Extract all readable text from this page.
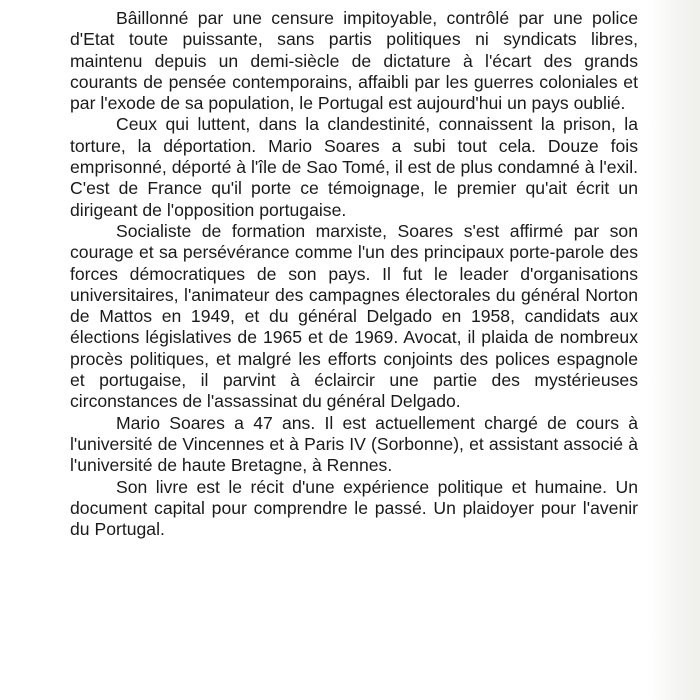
Bâillonné par une censure impitoyable, contrôlé par une police d'Etat toute puissante, sans partis politiques ni syndicats libres, maintenu depuis un demi-siècle de dictature à l'écart des grands courants de pensée contemporains, affaibli par les guerres coloniales et par l'exode de sa population, le Portugal est aujourd'hui un pays oublié.

Ceux qui luttent, dans la clandestinité, connaissent la prison, la torture, la déportation. Mario Soares a subi tout cela. Douze fois emprisonné, déporté à l'île de Sao Tomé, il est de plus condamné à l'exil. C'est de France qu'il porte ce témoignage, le premier qu'ait écrit un dirigeant de l'opposition portugaise.

Socialiste de formation marxiste, Soares s'est affirmé par son courage et sa persévérance comme l'un des principaux porte-parole des forces démocratiques de son pays. Il fut le leader d'organisations universitaires, l'animateur des campagnes électorales du général Norton de Mattos en 1949, et du général Delgado en 1958, candidats aux élections législatives de 1965 et de 1969. Avocat, il plaida de nombreux procès politiques, et malgré les efforts conjoints des polices espagnole et portugaise, il parvint à éclaircir une partie des mystérieuses circonstances de l'assassinat du général Delgado.

Mario Soares a 47 ans. Il est actuellement chargé de cours à l'université de Vincennes et à Paris IV (Sorbonne), et assistant associé à l'université de haute Bretagne, à Rennes.

Son livre est le récit d'une expérience politique et humaine. Un document capital pour comprendre le passé. Un plaidoyer pour l'avenir du Portugal.
